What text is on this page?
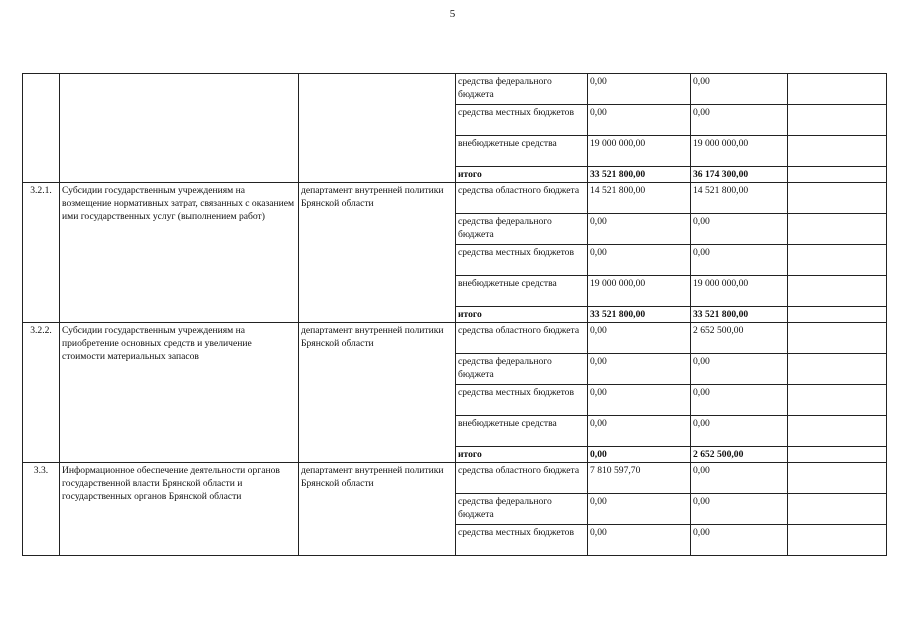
5
			средства федерального бюджета	0,00	0,00	
			средства местных бюджетов	0,00	0,00	
			внебюджетные средства	19 000 000,00	19 000 000,00	
			итого	33 521 800,00	36 174 300,00	
3.2.1.	Субсидии государственным учреждениям на возмещение нормативных затрат, связанных с оказанием ими государственных услуг (выполнением работ)	департамент внутренней политики Брянской области	средства областного бюджета	14 521 800,00	14 521 800,00	
			средства федерального бюджета	0,00	0,00	
			средства местных бюджетов	0,00	0,00	
			внебюджетные средства	19 000 000,00	19 000 000,00	
			итого	33 521 800,00	33 521 800,00	
3.2.2.	Субсидии государственным учреждениям на приобретение основных средств и увеличение стоимости материальных запасов	департамент внутренней политики Брянской области	средства областного бюджета	0,00	2 652 500,00	
			средства федерального бюджета	0,00	0,00	
			средства местных бюджетов	0,00	0,00	
			внебюджетные средства	0,00	0,00	
			итого	0,00	2 652 500,00	
3.3.	Информационное обеспечение деятельности органов государственной власти Брянской области и государственных органов Брянской области	департамент внутренней политики Брянской области	средства областного бюджета	7 810 597,70	0,00	
			средства федерального бюджета	0,00	0,00	
			средства местных бюджетов	0,00	0,00	
